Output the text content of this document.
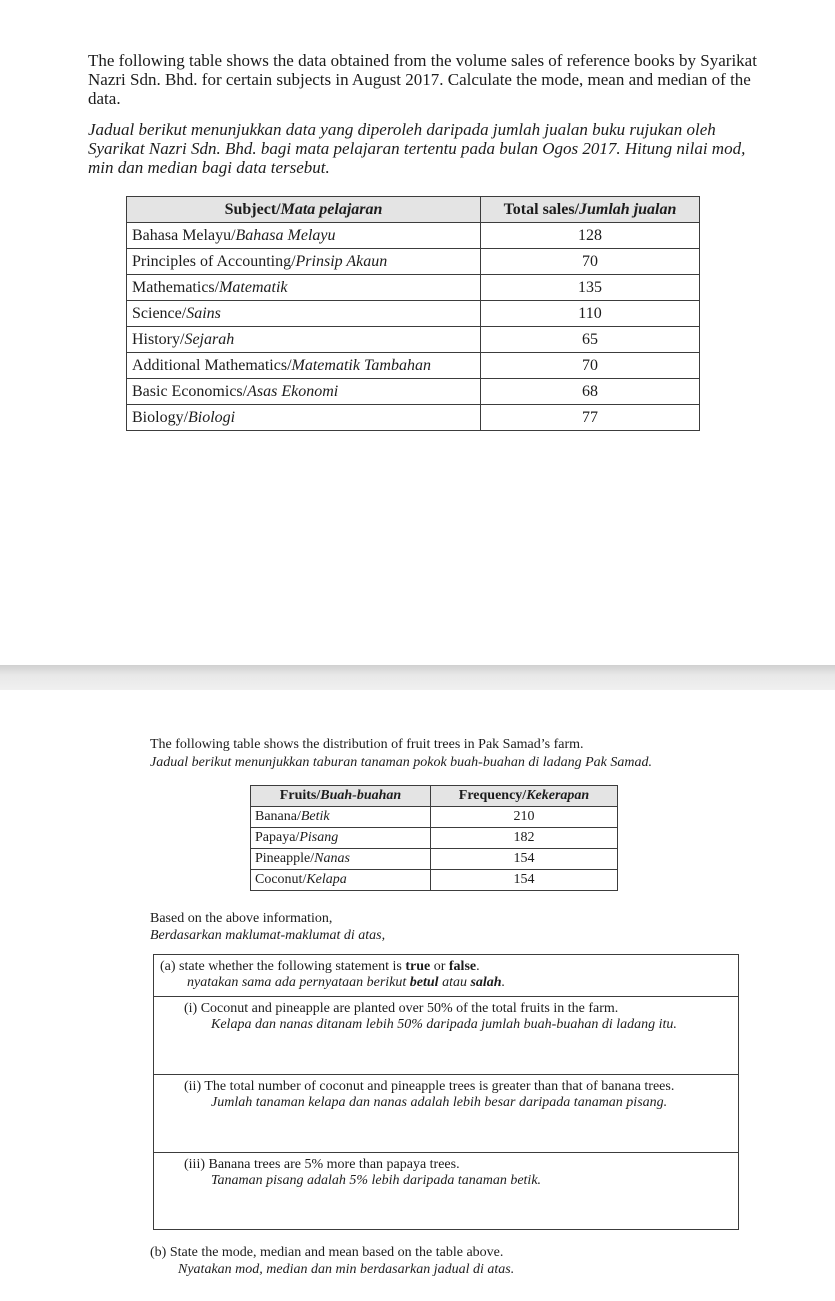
The following table shows the data obtained from the volume sales of reference books by Syarikat Nazri Sdn. Bhd. for certain subjects in August 2017. Calculate the mode, mean and median of the data.
Jadual berikut menunjukkan data yang diperoleh daripada jumlah jualan buku rujukan oleh Syarikat Nazri Sdn. Bhd. bagi mata pelajaran tertentu pada bulan Ogos 2017. Hitung nilai mod, min dan median bagi data tersebut.
Subject/Mata pelajaran	Total sales/Jumlah jualan
Bahasa Melayu/Bahasa Melayu	128
Principles of Accounting/Prinsip Akaun	70
Mathematics/Matematik	135
Science/Sains	110
History/Sejarah	65
Additional Mathematics/Matematik Tambahan	70
Basic Economics/Asas Ekonomi	68
Biology/Biologi	77
The following table shows the distribution of fruit trees in Pak Samad’s farm.
Jadual berikut menunjukkan taburan tanaman pokok buah-buahan di ladang Pak Samad.
Fruits/Buah-buahan	Frequency/Kekerapan
Banana/Betik	210
Papaya/Pisang	182
Pineapple/Nanas	154
Coconut/Kelapa	154
Based on the above information,
Berdasarkan maklumat-maklumat di atas,
(a) state whether the following statement is true or false.
nyatakan sama ada pernyataan berikut betul atau salah.
(i) Coconut and pineapple are planted over 50% of the total fruits in the farm.
Kelapa dan nanas ditanam lebih 50% daripada jumlah buah-buahan di ladang itu.
(ii) The total number of coconut and pineapple trees is greater than that of banana trees.
Jumlah tanaman kelapa dan nanas adalah lebih besar daripada tanaman pisang.
(iii) Banana trees are 5% more than papaya trees.
Tanaman pisang adalah 5% lebih daripada tanaman betik.
(b) State the mode, median and mean based on the table above.
Nyatakan mod, median dan min berdasarkan jadual di atas.
